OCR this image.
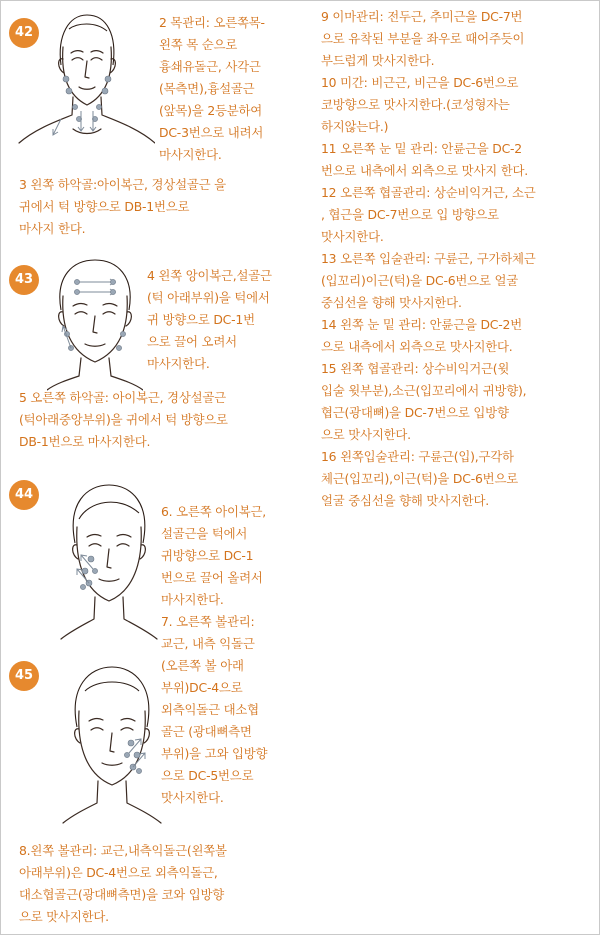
42

2 목관리: 오른쪽목-
왼쪽 목 순으로
흉쇄유돌근, 사각근
(목측면),흉설골근
(앞목)을 2등분하여
DC-3번으로 내려서
마사지한다.

3 왼쪽 하악골:아이복근, 경상설골근 을
귀에서 턱 방향으로 DB-1번으로
마사지 한다.

43	4 왼쪽 앙이복근,설골근
(턱 아래부위)을 턱에서
귀 방향으로 DC-1번
으로 끌어 오려서
마사지한다.

5 오른쪽 하악골: 아이복근, 경상설골근
(턱아래중앙부위)을 귀에서 턱 방향으로
DB-1번으로 마사지한다.

44

6. 오른쪽 아이복근,
설골근을 턱에서
귀방향으로 DC-1
번으로 끌어 올려서
마사지한다.
7. 오른쪽 볼관리:
교근, 내측 익돌근
(오른쪽 볼 아래
부위)DC-4으로
외측익돌근 대소협
골근 (광대뼈측면
부위)을 고와 입방향
으로 DC-5번으로
맛사지한다.

45

8.왼쪽 볼관리: 교근,내측익돌근(왼쪽볼
아래부위)은 DC-4번으로 외측익돌근,
대소협골근(광대뼈측면)을 코와 입방향
으로 맛사지한다.

9 이마관리: 전두근, 추미근을 DC-7번
으로 유착된 부분을 좌우로 때어주듯이
부드럽게 맛사지한다.
10 미간: 비근근, 비근을 DC-6번으로
코방향으로 맛사지한다.(코성형자는
하지않는다.)
11 오른쪽 눈 밑 관리: 안륜근을 DC-2
번으로 내측에서 외측으로 맛사지 한다.
12 오른쪽 협골관리: 상순비익거근, 소근
, 협근을 DC-7번으로 입 방향으로
맛사지한다.
13 오른쪽 입술관리: 구륜근, 구가하체근
(입꼬리)이근(턱)을 DC-6번으로 얼굴
중심선을 향해 맛사지한다.
14 왼쪽 눈 밑 관리: 안륜근을 DC-2번
으로 내측에서 외측으로 맛사지한다.
15 왼쪽 협골관리: 상수비익거근(윗
입술 윗부분),소근(입꼬리에서 귀방향),
협근(광대뼈)을 DC-7번으로 입방향
으로 맛사지한다.
16 왼쪽입술관리: 구륜근(입),구각하
체근(입꼬리),이근(턱)을 DC-6번으로
얼굴 중심선을 향해 맛사지한다.
